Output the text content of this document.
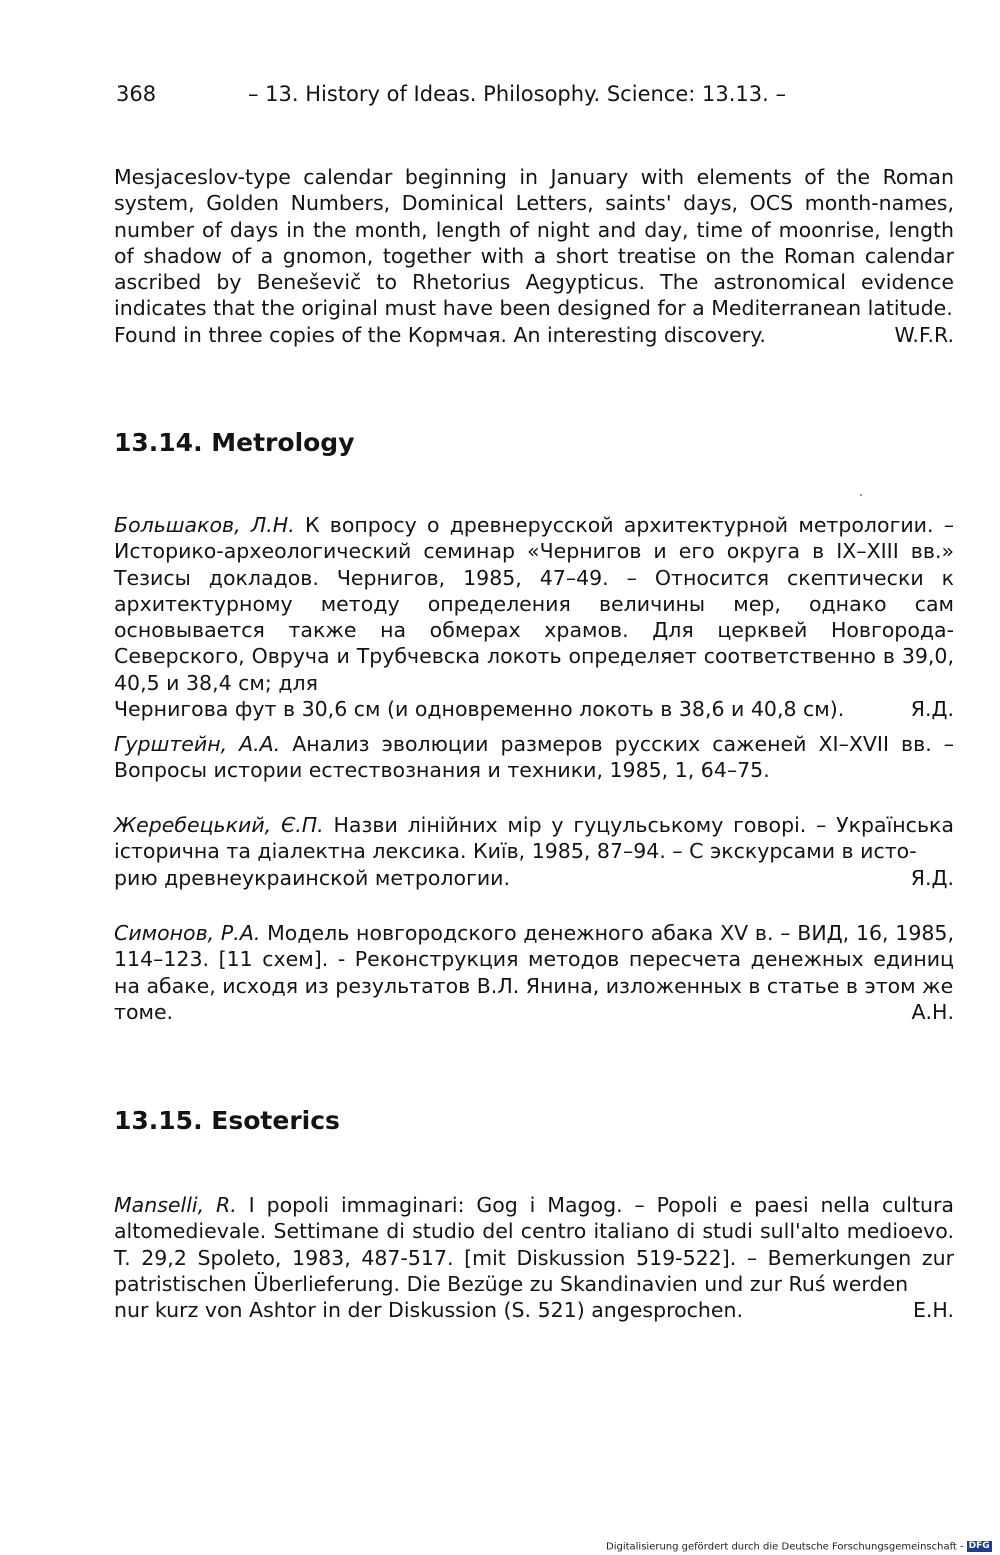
368	– 13. History of Ideas. Philosophy. Science: 13.13. –
Mesjaceslov-type calendar beginning in January with elements of the Roman system, Golden Numbers, Dominical Letters, saints' days, OCS month-names, number of days in the month, length of night and day, time of moonrise, length of shadow of a gnomon, together with a short treatise on the Roman calendar ascribed by Beneševič to Rhetorius Aegypticus. The astronomical evidence indicates that the original must have been designed for a Mediterranean latitude.
Found in three copies of the Кормчая. An interesting discovery.	W.F.R.
13.14. Metrology
Большаков, Л.Н. К вопросу о древнерусской архитектурной метрологии. – Историко-археологический семинар «Чернигов и его округа в IX–XIII вв.» Тезисы докладов. Чернигов, 1985, 47–49. – Относится скептически к архитектурному методу определения величины мер, однако сам основывается также на обмерах храмов. Для церквей Новгорода-Северского, Овруча и Трубчевска локоть определяет соответственно в 39,0, 40,5 и 38,4 см; для
Чернигова фут в 30,6 см (и одновременно локоть в 38,6 и 40,8 см).	Я.Д.
Гурштейн, А.А. Анализ эволюции размеров русских саженей XI–XVII вв. – Вопросы истории естествознания и техники, 1985, 1, 64–75.
Жеребецький, Є.П. Назви лінійних мір у гуцульському говорі. – Українська історична та діалектна лексика. Київ, 1985, 87–94. – С экскурсами в исто-
рию древнеукраинской метрологии.	Я.Д.
Симонов, Р.А. Модель новгородского денежного абака XV в. – ВИД, 16, 1985, 114–123. [11 схем]. - Реконструкция методов пересчета денежных единиц на абаке, исходя из результатов В.Л. Янина, изложенных в статье в этом же
томе.	А.Н.
13.15. Esoterics
Manselli, R. I popoli immaginari: Gog i Magog. – Popoli e paesi nella cultura altomedievale. Settimane di studio del centro italiano di studi sull'alto medioevo. T. 29,2 Spoleto, 1983, 487-517. [mit Diskussion 519-522]. – Bemerkungen zur patristischen Überlieferung. Die Bezüge zu Skandinavien und zur Ruś werden
nur kurz von Ashtor in der Diskussion (S. 521) angesprochen.	E.H.
Digitalisierung gefördert durch die Deutsche Forschungsgemeinschaft - DFG
